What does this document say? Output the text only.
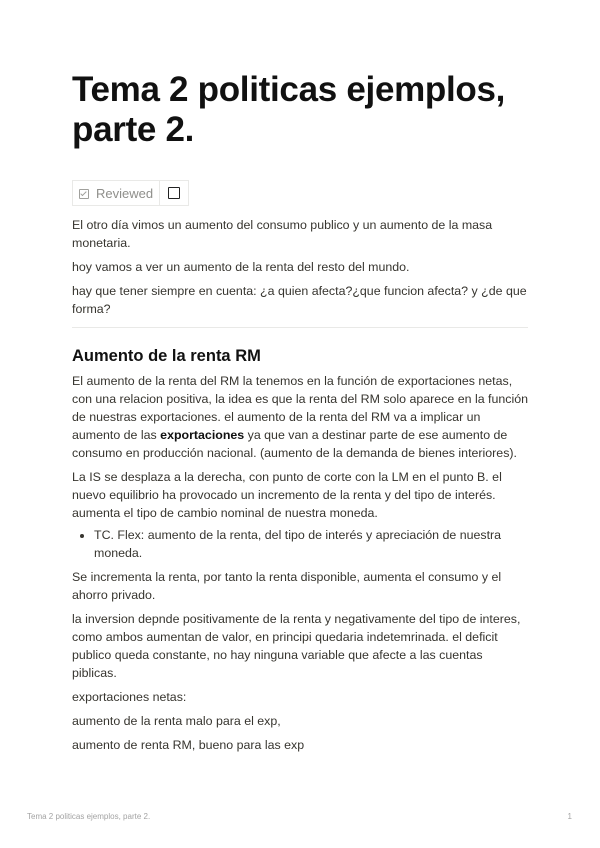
Tema 2 politicas ejemplos, parte 2.
Reviewed

El otro día vimos un aumento del consumo publico y un aumento de la masa monetaria.

hoy vamos a ver un aumento de la renta del resto del mundo.

hay que tener siempre en cuenta: ¿a quien afecta?¿que funcion afecta? y ¿de que forma?

Aumento de la renta RM

El aumento de la renta del RM la tenemos en la función de exportaciones netas, con una relacion positiva, la idea es que la renta del RM solo aparece en la función de nuestras exportaciones. el aumento de la renta del RM va a implicar un aumento de las exportaciones ya que van a destinar parte de ese aumento de consumo en producción nacional. (aumento de la demanda de bienes interiores).

La IS se desplaza a la derecha, con punto de corte con la LM en el punto B. el nuevo equilibrio ha provocado un incremento de la renta y del tipo de interés. aumenta el tipo de cambio nominal de nuestra moneda.

• TC. Flex: aumento de la renta, del tipo de interés y apreciación de nuestra moneda.

Se incrementa la renta, por tanto la renta disponible, aumenta el consumo y el ahorro privado.

la inversion depnde positivamente de la renta y negativamente del tipo de interes, como ambos aumentan de valor, en principi quedaria indetemrinada. el deficit publico queda constante, no hay ninguna variable que afecte a las cuentas piblicas.

exportaciones netas:

aumento de la renta malo para el exp,

aumento de renta RM, bueno para las exp

Tema 2 politicas ejemplos, parte 2.	1
